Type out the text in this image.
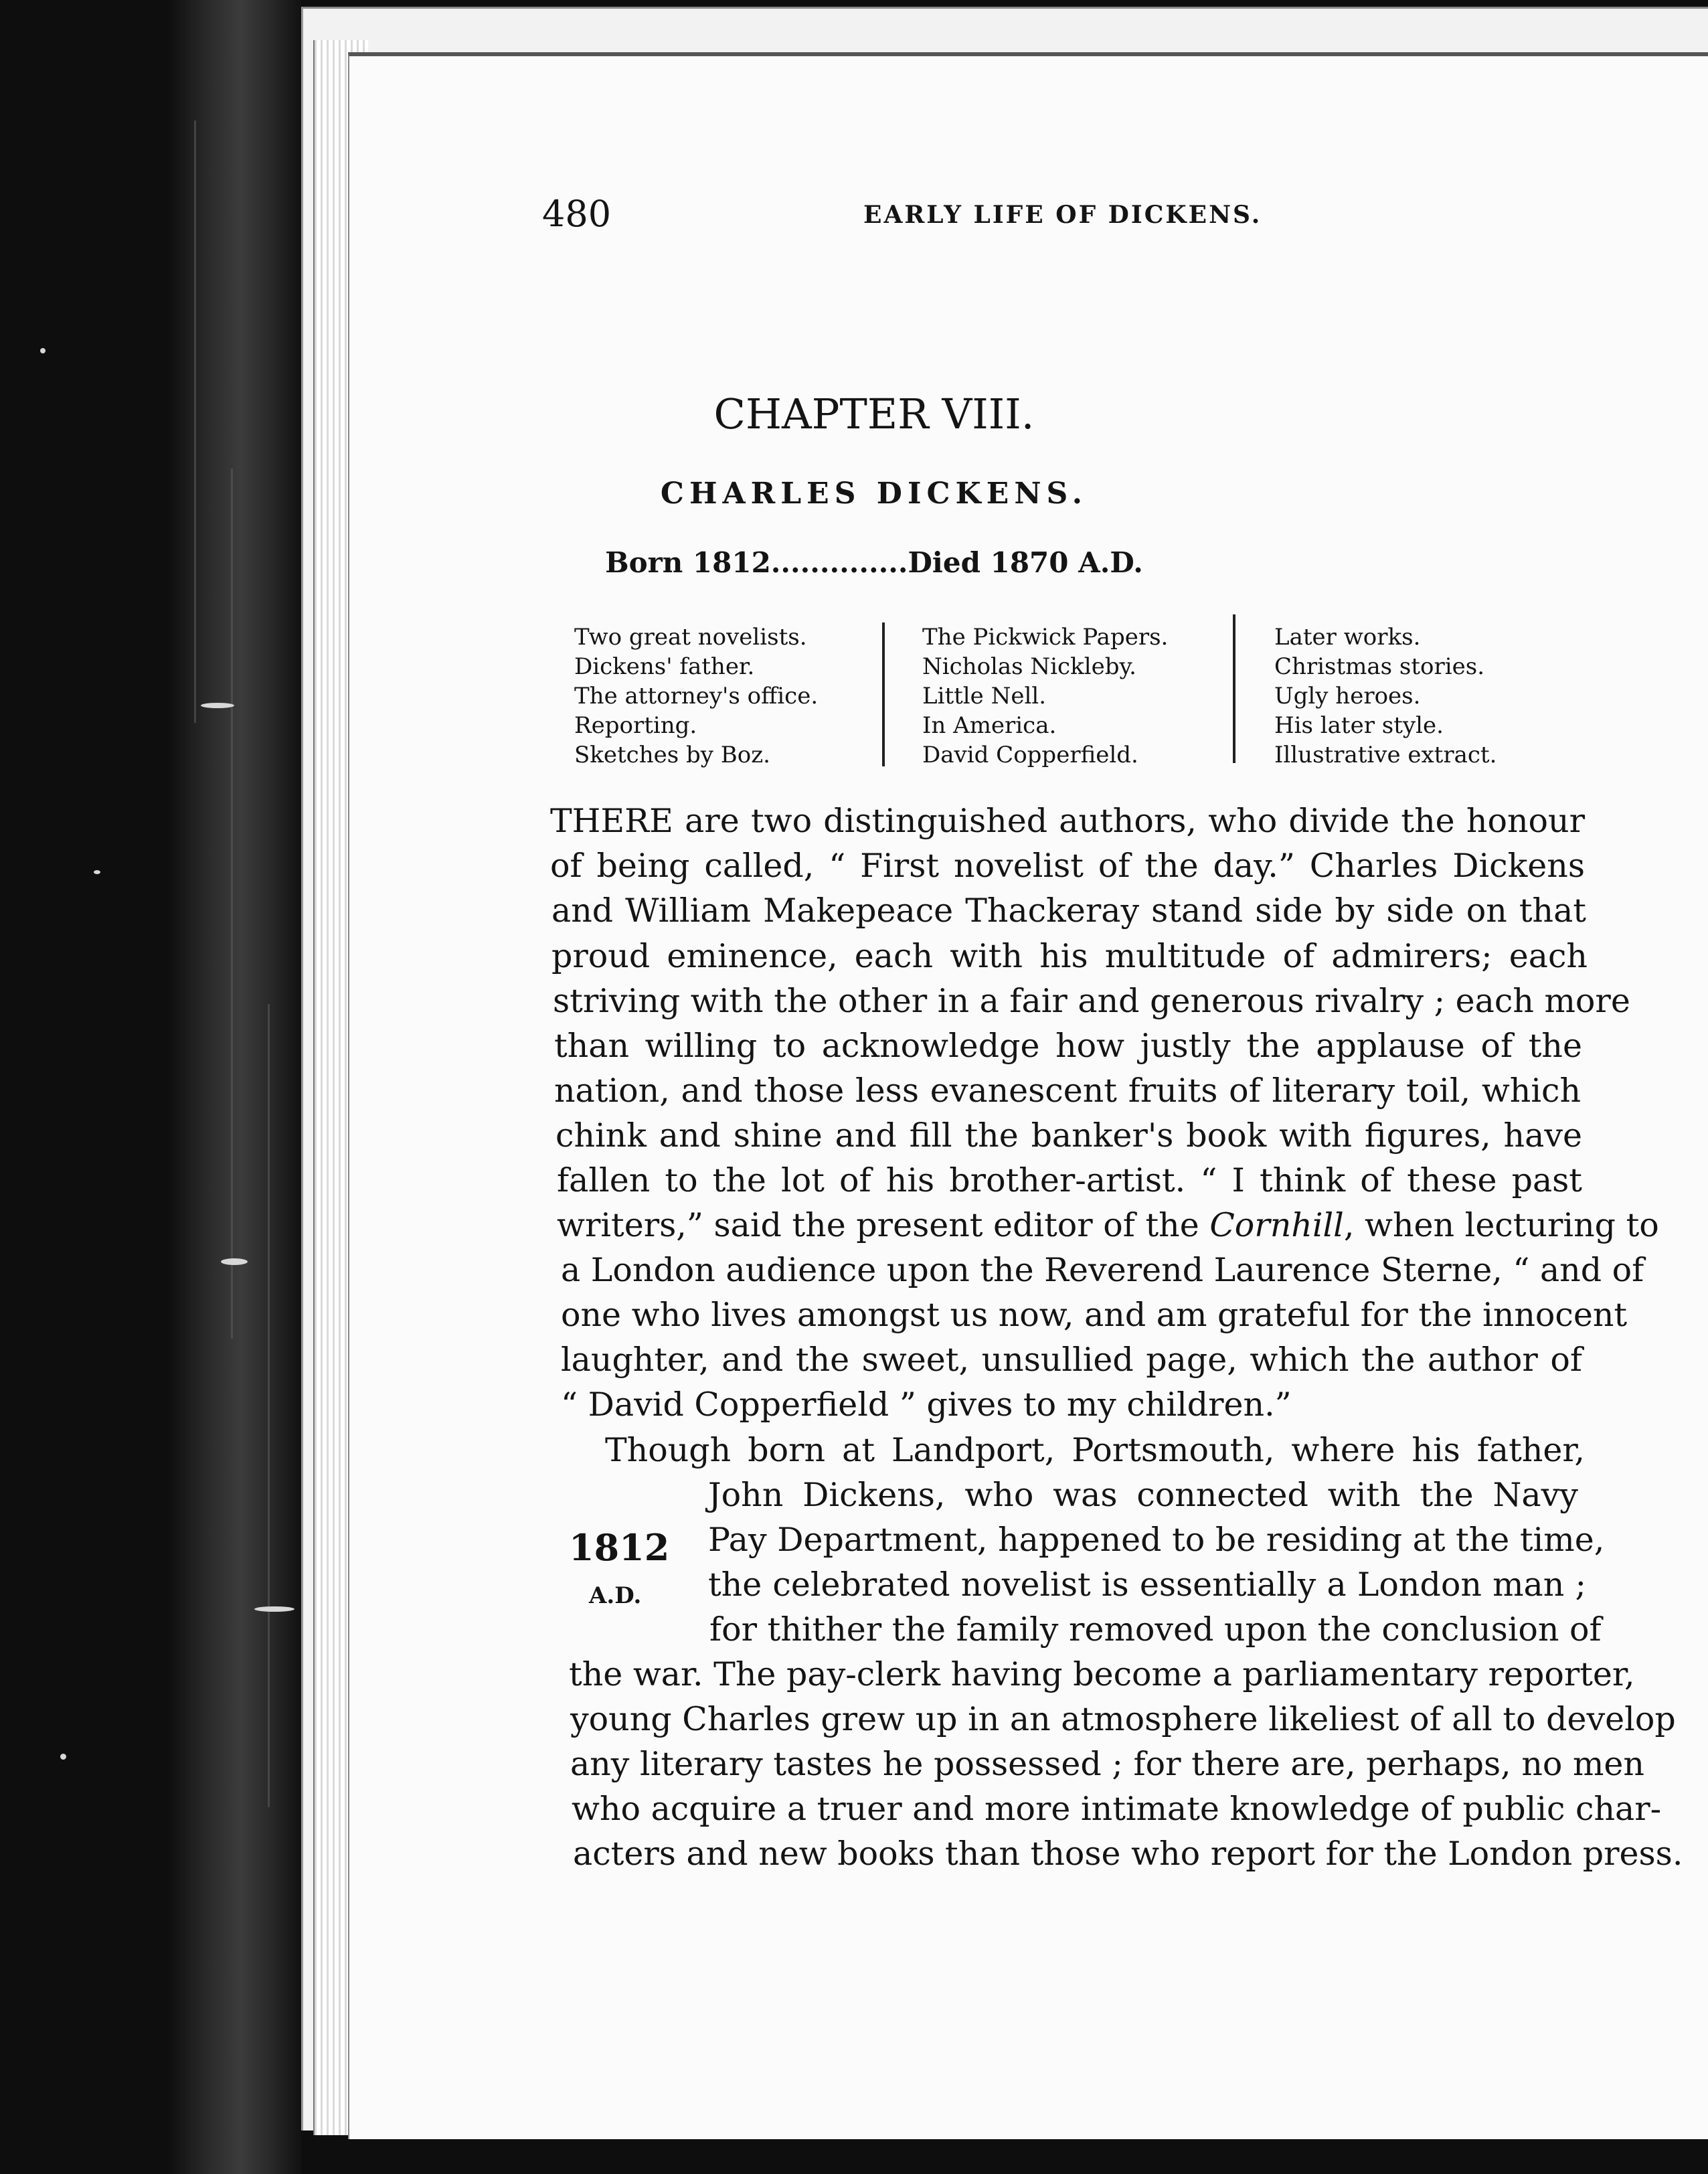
480	EARLY LIFE OF DICKENS.

CHAPTER VIII.

CHARLES DICKENS.

Born 1812..............Died 1870 A.D.

Two great novelists.
Dickens' father.
The attorney's office.
Reporting.
Sketches by Boz.
The Pickwick Papers.
Nicholas Nickleby.
Little Nell.
In America.
David Copperfield.
Later works.
Christmas stories.
Ugly heroes.
His later style.
Illustrative extract.

THERE are two distinguished authors, who divide the honour

of being called, “ First novelist of the day.” Charles Dickens

and William Makepeace Thackeray stand side by side on that

proud eminence, each with his multitude of admirers; each

striving with the other in a fair and generous rivalry ; each more

than willing to acknowledge how justly the applause of the

nation, and those less evanescent fruits of literary toil, which

chink and shine and fill the banker's book with figures, have

fallen to the lot of his brother-artist. “ I think of these past

writers,” said the present editor of the Cornhill, when lecturing to

a London audience upon the Reverend Laurence Sterne, “ and of

one who lives amongst us now, and am grateful for the innocent

laughter, and the sweet, unsullied page, which the author of

“ David Copperfield ” gives to my children.”

Though born at Landport, Portsmouth, where his father,

1812

A.D.

John Dickens, who was connected with the Navy

Pay Department, happened to be residing at the time,

the celebrated novelist is essentially a London man ;

for thither the family removed upon the conclusion of

the war. The pay-clerk having become a parliamentary reporter,

young Charles grew up in an atmosphere likeliest of all to develop

any literary tastes he possessed ; for there are, perhaps, no men

who acquire a truer and more intimate knowledge of public char-

acters and new books than those who report for the London press.
